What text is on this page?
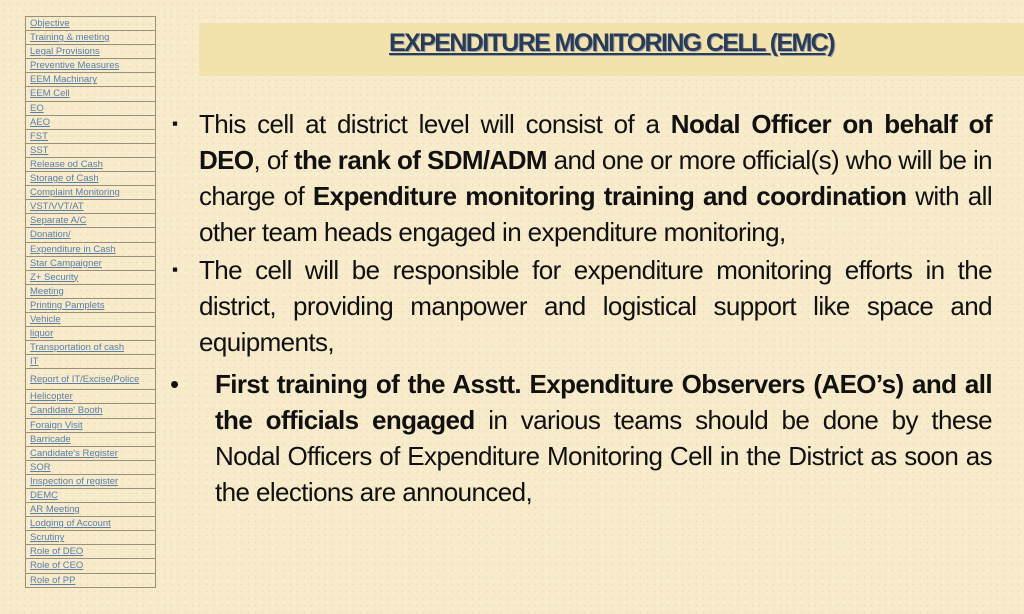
Objective
Training & meeting
Legal Provisions
Preventive Measures
EEM Machinary
EEM Cell
EO
AEO
FST
SST
Release od Cash
Storage of Cash
Complaint Monitoring
VST/VVT/AT
Separate A/C
Donation/
Expenditure in Cash
Star Campaigner
Z+ Security
Meeting
Printing Pamplets
Vehicle
liquor
Transportation of cash
IT
Report of IT/Excise/Police
Helicopter
Candidate' Booth
Foraign Visit
Barricade
Candidate's Register
SOR
Inspection of register
DEMC
AR Meeting
Lodging of Account
Scrutiny
Role of DEO
Role of CEO
Role of PP
EXPENDITURE MONITORING CELL (EMC)

▪ This cell at district level will consist of a Nodal Officer on behalf of DEO, of the rank of SDM/ADM and one or more official(s) who will be in charge of Expenditure monitoring training and coordination with all other team heads engaged in expenditure monitoring,

▪ The cell will be responsible for expenditure monitoring efforts in the district, providing manpower and logistical support like space and equipments,

• First training of the Asstt. Expenditure Observers (AEO’s) and all the officials engaged in various teams should be done by these Nodal Officers of Expenditure Monitoring Cell in the District as soon as the elections are announced,
